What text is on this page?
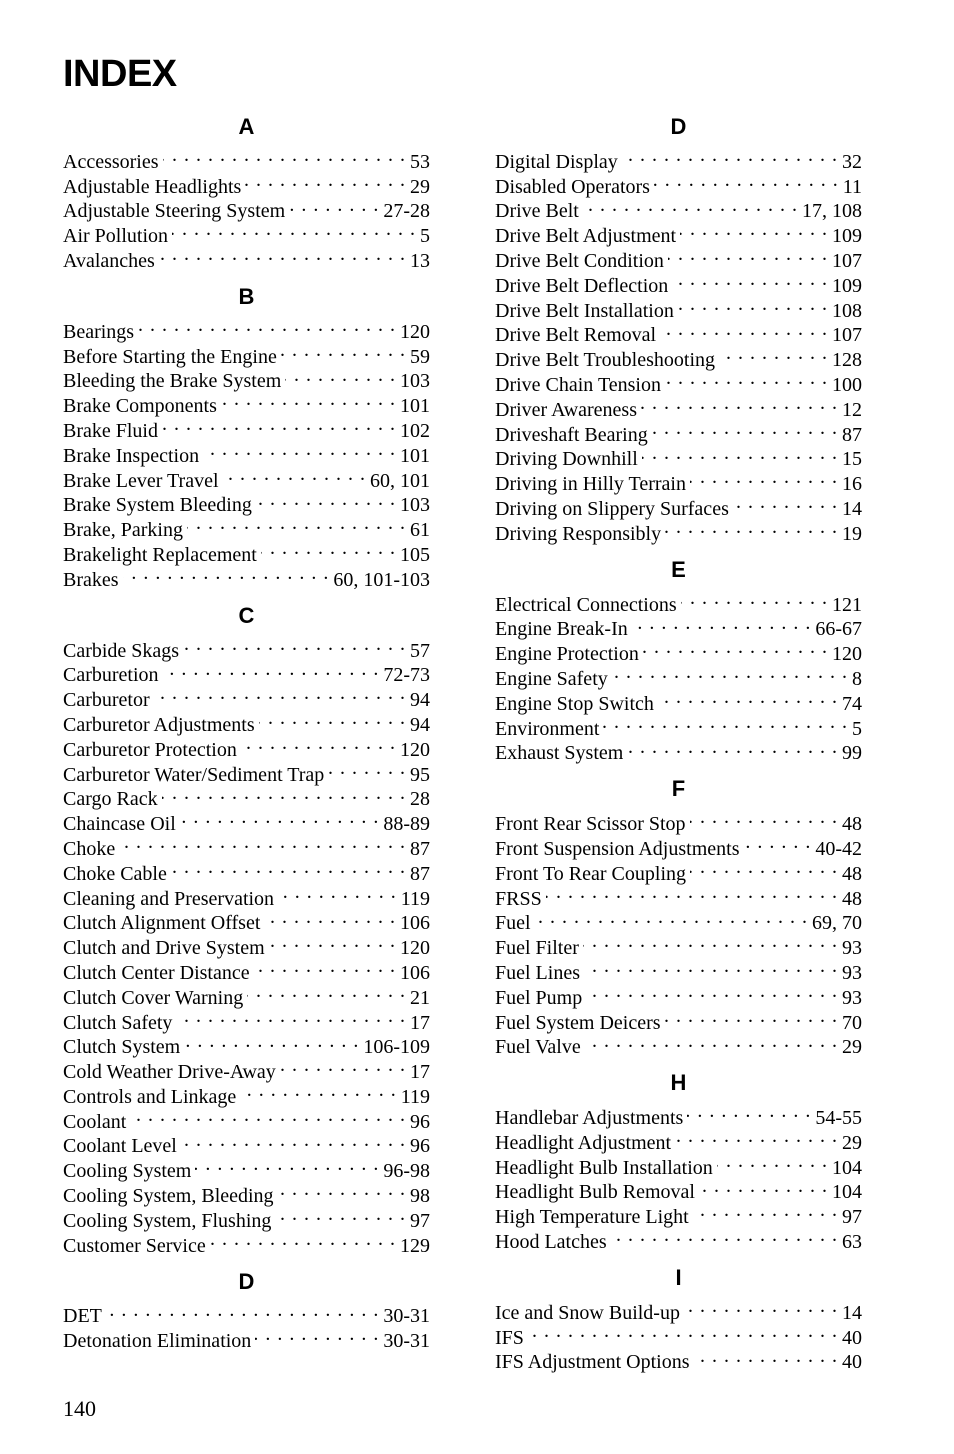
INDEX
A
Accessories . . .	53
Adjustable Headlights . . .	29
Adjustable Steering System . . .	27-28
Air Pollution . . .	5
Avalanches . . .	13
B
Bearings . . .	120
Before Starting the Engine . . .	59
Bleeding the Brake System . . .	103
Brake Components . . .	101
Brake Fluid . . .	102
Brake Inspection . . .	101
Brake Lever Travel . . .	60, 101
Brake System Bleeding . . .	103
Brake, Parking . . .	61
Brakelight Replacement . . .	105
Brakes . . .	60, 101-103
C
Carbide Skags . . .	57
Carburetion . . .	72-73
Carburetor . . .	94
Carburetor Adjustments . . .	94
Carburetor Protection . . .	120
Carburetor Water/Sediment Trap . . .	95
Cargo Rack . . .	28
Chaincase Oil . . .	88-89
Choke . . .	87
Choke Cable . . .	87
Cleaning and Preservation . . .	119
Clutch Alignment Offset . . .	106
Clutch and Drive System . . .	120
Clutch Center Distance . . .	106
Clutch Cover Warning . . .	21
Clutch Safety . . .	17
Clutch System . . .	106-109
Cold Weather Drive-Away . . .	17
Controls and Linkage . . .	119
Coolant . . .	96
Coolant Level . . .	96
Cooling System . . .	96-98
Cooling System, Bleeding . . .	98
Cooling System, Flushing . . .	97
Customer Service . . .	129
D
DET . . .	30-31
Detonation Elimination . . .	30-31
D
Digital Display . . .	32
Disabled Operators . . .	11
Drive Belt . . .	17, 108
Drive Belt Adjustment . . .	109
Drive Belt Condition . . .	107
Drive Belt Deflection . . .	109
Drive Belt Installation . . .	108
Drive Belt Removal . . .	107
Drive Belt Troubleshooting . . .	128
Drive Chain Tension . . .	100
Driver Awareness . . .	12
Driveshaft Bearing . . .	87
Driving Downhill . . .	15
Driving in Hilly Terrain . . .	16
Driving on Slippery Surfaces . . .	14
Driving Responsibly . . .	19
E
Electrical Connections . . .	121
Engine Break-In . . .	66-67
Engine Protection . . .	120
Engine Safety . . .	8
Engine Stop Switch . . .	74
Environment . . .	5
Exhaust System . . .	99
F
Front Rear Scissor Stop . . .	48
Front Suspension Adjustments . . .	40-42
Front To Rear Coupling . . .	48
FRSS . . .	48
Fuel . . .	69, 70
Fuel Filter . . .	93
Fuel Lines . . .	93
Fuel Pump . . .	93
Fuel System Deicers . . .	70
Fuel Valve . . .	29
H
Handlebar Adjustments . . .	54-55
Headlight Adjustment . . .	29
Headlight Bulb Installation . . .	104
Headlight Bulb Removal . . .	104
High Temperature Light . . .	97
Hood Latches . . .	63
I
Ice and Snow Build-up . . .	14
IFS . . .	40
IFS Adjustment Options . . .	40
140
